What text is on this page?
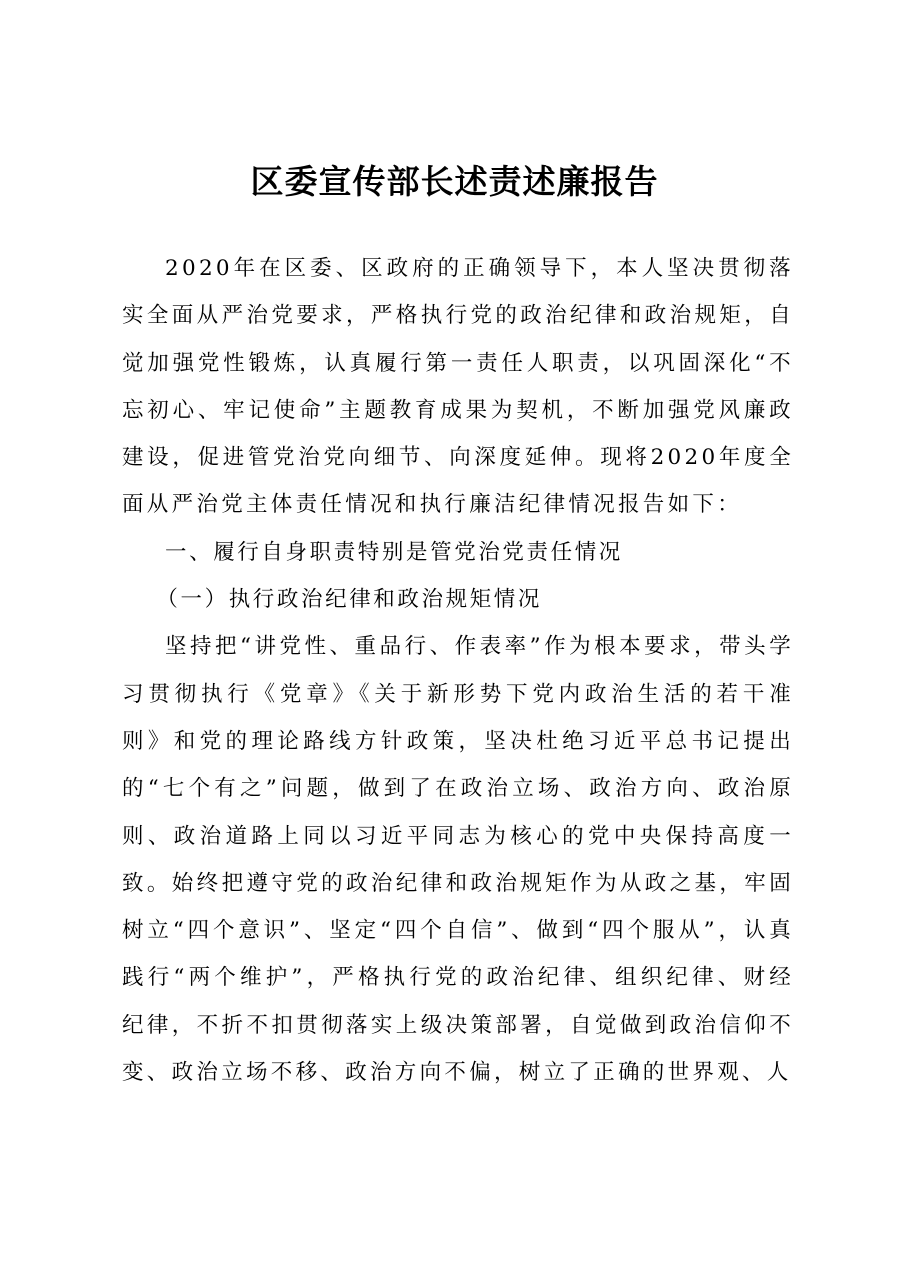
区委宣传部长述责述廉报告

2020年在区委、区政府的正确领导下，本人坚决贯彻落实全面从严治党要求，严格执行党的政治纪律和政治规矩，自觉加强党性锻炼，认真履行第一责任人职责，以巩固深化“不忘初心、牢记使命”主题教育成果为契机，不断加强党风廉政建设，促进管党治党向细节、向深度延伸。现将2020年度全面从严治党主体责任情况和执行廉洁纪律情况报告如下：

一、履行自身职责特别是管党治党责任情况

（一）执行政治纪律和政治规矩情况

坚持把“讲党性、重品行、作表率”作为根本要求，带头学习贯彻执行《党章》《关于新形势下党内政治生活的若干准则》和党的理论路线方针政策，坚决杜绝习近平总书记提出的“七个有之”问题，做到了在政治立场、政治方向、政治原则、政治道路上同以习近平同志为核心的党中央保持高度一致。始终把遵守党的政治纪律和政治规矩作为从政之基，牢固树立“四个意识”、坚定“四个自信”、做到“四个服从”，认真践行“两个维护”，严格执行党的政治纪律、组织纪律、财经纪律，不折不扣贯彻落实上级决策部署，自觉做到政治信仰不变、政治立场不移、政治方向不偏，树立了正确的世界观、人
